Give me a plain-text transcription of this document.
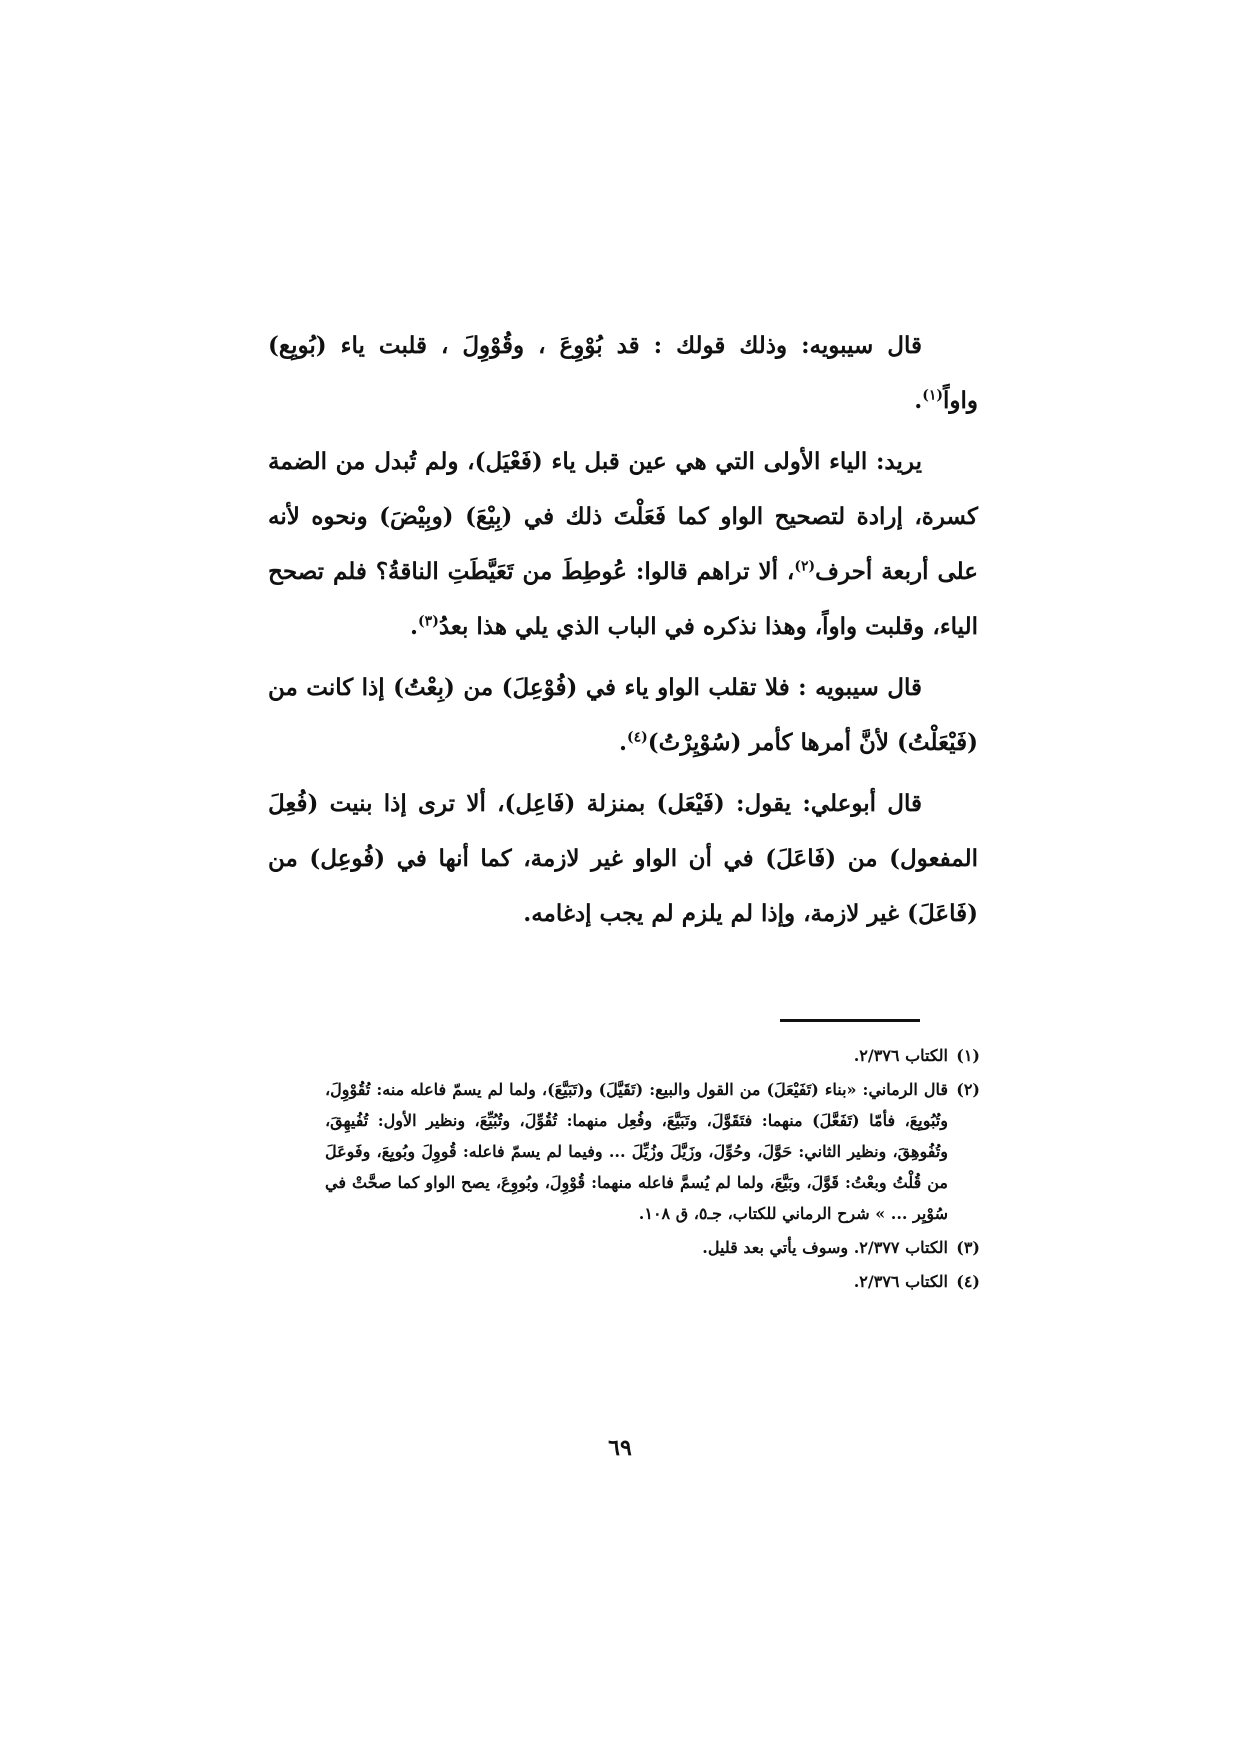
قال سيبويه: وذلك قولك : قد بُوْوِعَ ، وقُوْوِلَ ، قلبت ياء (بُويِع) واواً$^{(١)}$.

يريد: الياء الأولى التي هي عين قبل ياء (فَعْيَل)، ولم تُبدل من الضمة كسرة، إرادة لتصحيح الواو كما فَعَلْتَ ذلك في (بِيْعَ) (وبِيْضَ) ونحوه لأنه على أربعة أحرف$^{(٢)}$، ألا تراهم قالوا: عُوطِطَ من تَعَيَّطَتِ الناقةُ؟ فلم تصحح الياء، وقلبت واواً، وهذا نذكره في الباب الذي يلي هذا بعدُ$^{(٣)}$.

قال سيبويه : فلا تقلب الواو ياء في (فُوْعِلَ) من (بِعْتُ) إذا كانت من (فَيْعَلْتُ) لأنَّ أمرها كأمر (سُوْيِرْتُ)$^{(٤)}$.

قال أبوعلي: يقول: (فَيْعَل) بمنزلة (فَاعِل)، ألا ترى إذا بنيت (فُعِلَ المفعول) من (فَاعَلَ) في أن الواو غير لازمة، كما أنها في (فُوعِل) من (فَاعَلَ) غير لازمة، وإذا لم يلزم لم يجب إدغامه.

(١)
الكتاب ٢/٣٧٦.
(٢)
قال الرماني: «بناء (تَفَيْعَلَ) من القول والبيع: (تَقَيَّلَ) و(تَبَيَّعَ)، ولما لم يسمّ فاعله منه: تُقُوْوِلَ، وتُبُويِعَ، فأمّا (تَفَعَّلَ) منهما: فتَقَوَّلَ، وتَبَيَّعَ، وفُعِل منهما: تُقُوِّلَ، وتُبُيِّعَ، ونظير الأول: تُفُيهِقَ، وتُفُوهِقَ، ونظير الثاني: حَوَّلَ، وحُوِّلَ، وزَيَّلَ وزُيِّلَ ... وفيما لم يسمّ فاعله: قُووِلَ وبُويِعَ، وفَوعَلَ من قُلْتُ وبعْتُ: قَوَّلَ، وبَيَّعَ، ولما لم يُسمَّ فاعله منهما: قُوْوِلَ، وبُووِعَ، يصح الواو كما صحَّتْ في سُوْيِر ... » شرح الرماني للكتاب، جـ٥، ق ١٠٨.
(٣)
الكتاب ٢/٣٧٧. وسوف يأتي بعد قليل.
(٤)
الكتاب ٢/٣٧٦.
٦٩
